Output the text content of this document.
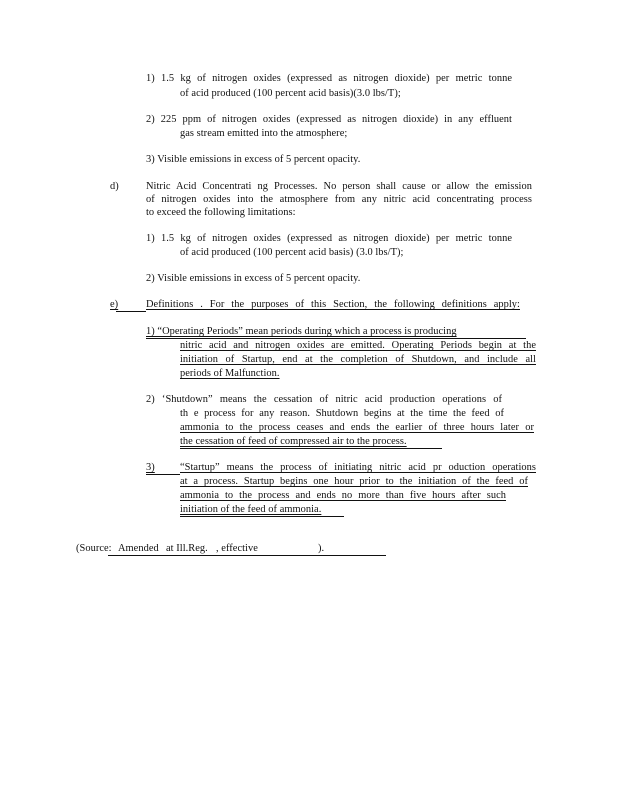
1) 1.5 kg of nitrogen oxides (expressed as nitrogen dioxide) per metric tonne
of acid produced (100 percent acid basis)(3.0 lbs/T);
2) 225 ppm of nitrogen oxides (expressed as nitrogen dioxide) in any effluent
gas stream emitted into the atmosphere;
3) Visible emissions in excess of 5 percent opacity.
d)	Nitric Acid Concentrati ng Processes. No person shall cause or allow the emission
of nitrogen oxides into the atmosphere from any nitric acid concentrating process
to exceed the following limitations:
1) 1.5 kg of nitrogen oxides (expressed as nitrogen dioxide) per metric tonne
of acid produced (100 percent acid basis) (3.0 lbs/T);
2) Visible emissions in excess of 5 percent opacity.
e)	Definitions . For the purposes of this Section, the following definitions apply:
1) “Operating Periods” mean periods during which a process is producing
nitric acid and nitrogen oxides are emitted. Operating Periods begin at the
initiation of Startup, end at the completion of Shutdown, and include all
periods of Malfunction.
2) ‘Shutdown” means the cessation of nitric acid production operations of
th e process for any reason. Shutdown begins at the time the feed of
ammonia to the process ceases and ends the earlier of three hours later or
the cessation of feed of compressed air to the process.
3) “Startup” means the process of initiating nitric acid pr oduction operations
at a process. Startup begins one hour prior to the initiation of the feed of
ammonia to the process and ends no more than five hours after such
initiation of the feed of ammonia.
(Source: Amended at Ill.Reg. , effective	).
